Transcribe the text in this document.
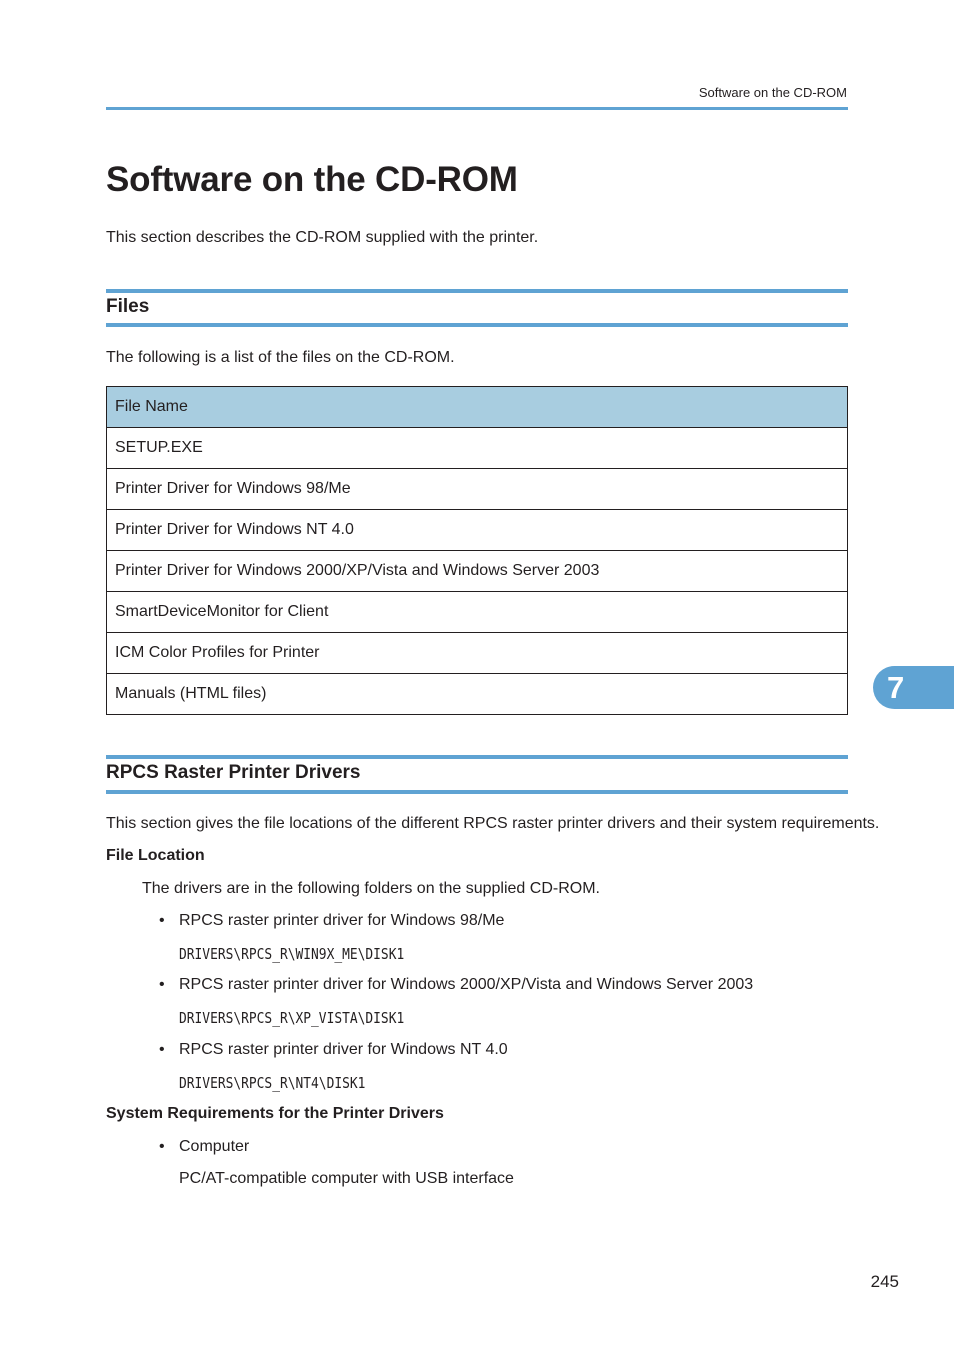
Software on the CD-ROM
Software on the CD-ROM

This section describes the CD-ROM supplied with the printer.

Files

The following is a list of the files on the CD-ROM.

File Name
SETUP.EXE
Printer Driver for Windows 98/Me
Printer Driver for Windows NT 4.0
Printer Driver for Windows 2000/XP/Vista and Windows Server 2003
SmartDeviceMonitor for Client
ICM Color Profiles for Printer
Manuals (HTML files)
RPCS Raster Printer Drivers

This section gives the file locations of the different RPCS raster printer drivers and their system requirements.

File Location

The drivers are in the following folders on the supplied CD-ROM.

• RPCS raster printer driver for Windows 98/Me
DRIVERS\RPCS_R\WIN9X_ME\DISK1
• RPCS raster printer driver for Windows 2000/XP/Vista and Windows Server 2003
DRIVERS\RPCS_R\XP_VISTA\DISK1
• RPCS raster printer driver for Windows NT 4.0
DRIVERS\RPCS_R\NT4\DISK1
System Requirements for the Printer Drivers
• Computer

PC/AT-compatible computer with USB interface

7
245
